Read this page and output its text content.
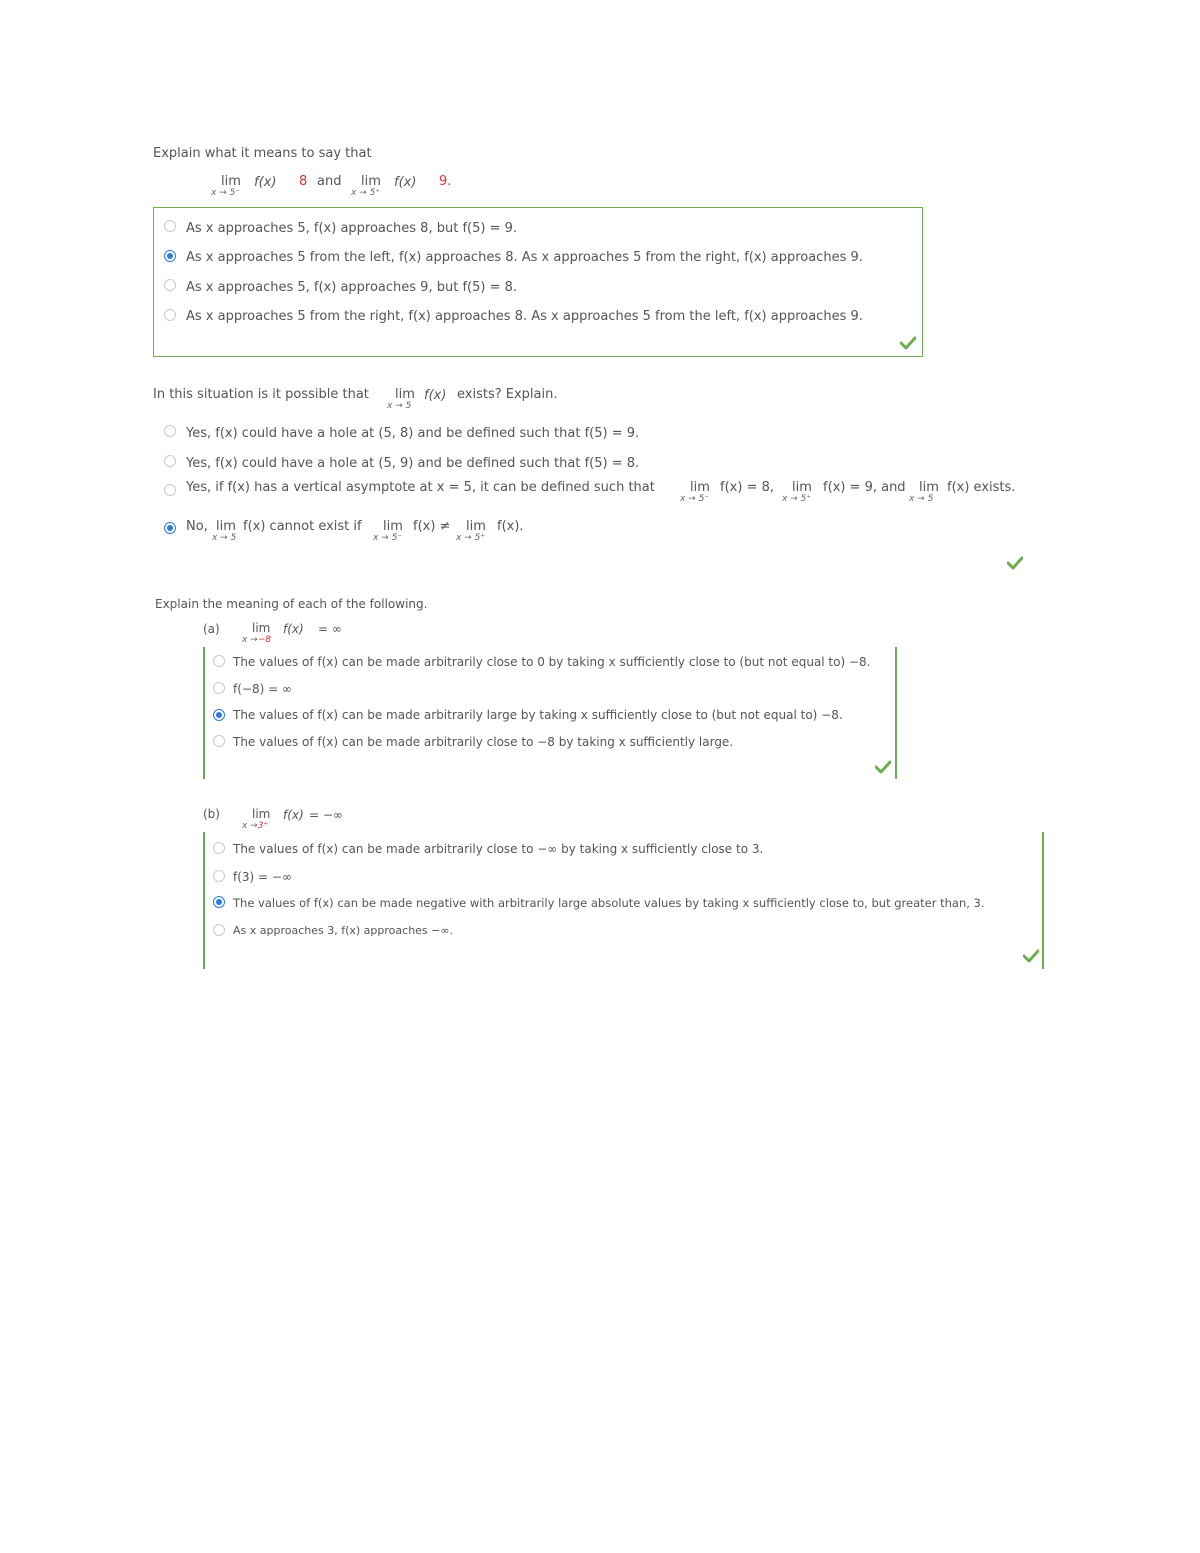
Explain what it means to say that
lim
x → 5⁻
f(x) 8 and lim
x → 5⁺
f(x) 9.
As x approaches 5, f(x) approaches 8, but f(5) = 9.
As x approaches 5 from the left, f(x) approaches 8. As x approaches 5 from the right, f(x) approaches 9.
As x approaches 5, f(x) approaches 9, but f(5) = 8.
As x approaches 5 from the right, f(x) approaches 8. As x approaches 5 from the left, f(x) approaches 9.
In this situation is it possible that lim
x → 5
f(x) exists? Explain.
Yes, f(x) could have a hole at (5, 8) and be defined such that f(5) = 9.
Yes, f(x) could have a hole at (5, 9) and be defined such that f(5) = 8.
Yes, if f(x) has a vertical asymptote at x = 5, it can be defined such that	lim
x → 5⁻
f(x) = 8, lim
x → 5⁺
f(x) = 9, and lim
x → 5
f(x) exists.
No, lim
x → 5
f(x) cannot exist if lim
x → 5⁻
f(x) ≠ lim
x → 5⁺
f(x).
Explain the meaning of each of the following.
(a)	lim
x →−8
f(x) = ∞
The values of f(x) can be made arbitrarily close to 0 by taking x sufficiently close to (but not equal to) −8.
f(−8) = ∞
The values of f(x) can be made arbitrarily large by taking x sufficiently close to (but not equal to) −8.
The values of f(x) can be made arbitrarily close to −8 by taking x sufficiently large.
(b)	lim
x →3⁺
f(x) = −∞
The values of f(x) can be made arbitrarily close to −∞ by taking x sufficiently close to 3.
f(3) = −∞
The values of f(x) can be made negative with arbitrarily large absolute values by taking x sufficiently close to, but greater than, 3.
As x approaches 3, f(x) approaches −∞.
